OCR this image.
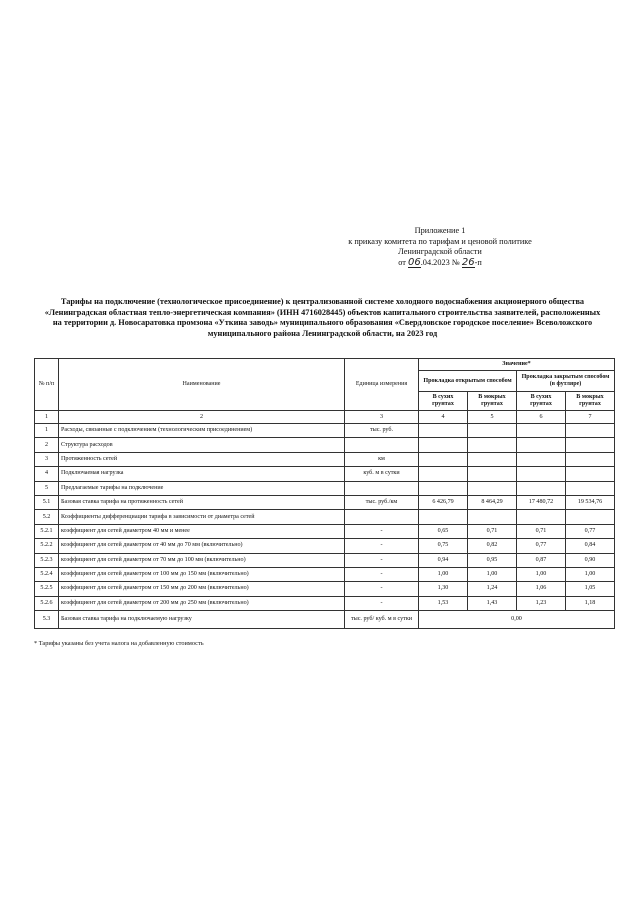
Приложение 1
к приказу комитета по тарифам и ценовой политике
Ленинградской области
от 06.04.2023 № 26-п
Тарифы на подключение (технологическое присоединение) к централизованной системе холодного водоснабжения акционерного общества «Ленинградская областная тепло-энергетическая компания» (ИНН 4716028445) объектов капитального строительства заявителей, расположенных на территории д. Новосаратовка промзона «Уткина заводь» муниципального образования «Свердловское городское поселение» Всеволожского муниципального района Ленинградской области, на 2023 год
№ п/п	Наименование	Единица измерения	Значение*			
			Прокладка открытым способом		Прокладка закрытым способом (в футляре)	
			В сухих грунтах	В мокрых грунтах	В сухих грунтах	В мокрых грунтах
1	2	3	4	5	6	7
1	Расходы, связанные с подключением (технологическим присоединением)	тыс. руб.				
2	Структура расходов					
3	Протяженность сетей	км				
4	Подключаемая нагрузка	куб. м в сутки				
5	Предлагаемые тарифы на подключение					
5.1	Базовая ставка тарифа на протяженность сетей	тыс. руб./км	6 426,79	8 464,29	17 480,72	19 534,76
5.2	Коэффициенты дифференциации тарифа в зависимости от диаметра сетей					
5.2.1	коэффициент для сетей диаметром 40 мм и менее	-	0,65	0,71	0,71	0,77
5.2.2	коэффициент для сетей диаметром от 40 мм до 70 мм (включительно)	-	0,75	0,82	0,77	0,84
5.2.3	коэффициент для сетей диаметром от 70 мм до 100 мм (включительно)	-	0,94	0,95	0,87	0,90
5.2.4	коэффициент для сетей диаметром от 100 мм до 150 мм (включительно)	-	1,00	1,00	1,00	1,00
5.2.5	коэффициент для сетей диаметром от 150 мм до 200 мм (включительно)	-	1,30	1,24	1,06	1,05
5.2.6	коэффициент для сетей диаметром от 200 мм до 250 мм (включительно)	-	1,53	1,43	1,23	1,18
5.3	Базовая ставка тарифа на подключаемую нагрузку	тыс. руб/ куб. м в сутки	0,00			
* Тарифы указаны без учета налога на добавленную стоимость
